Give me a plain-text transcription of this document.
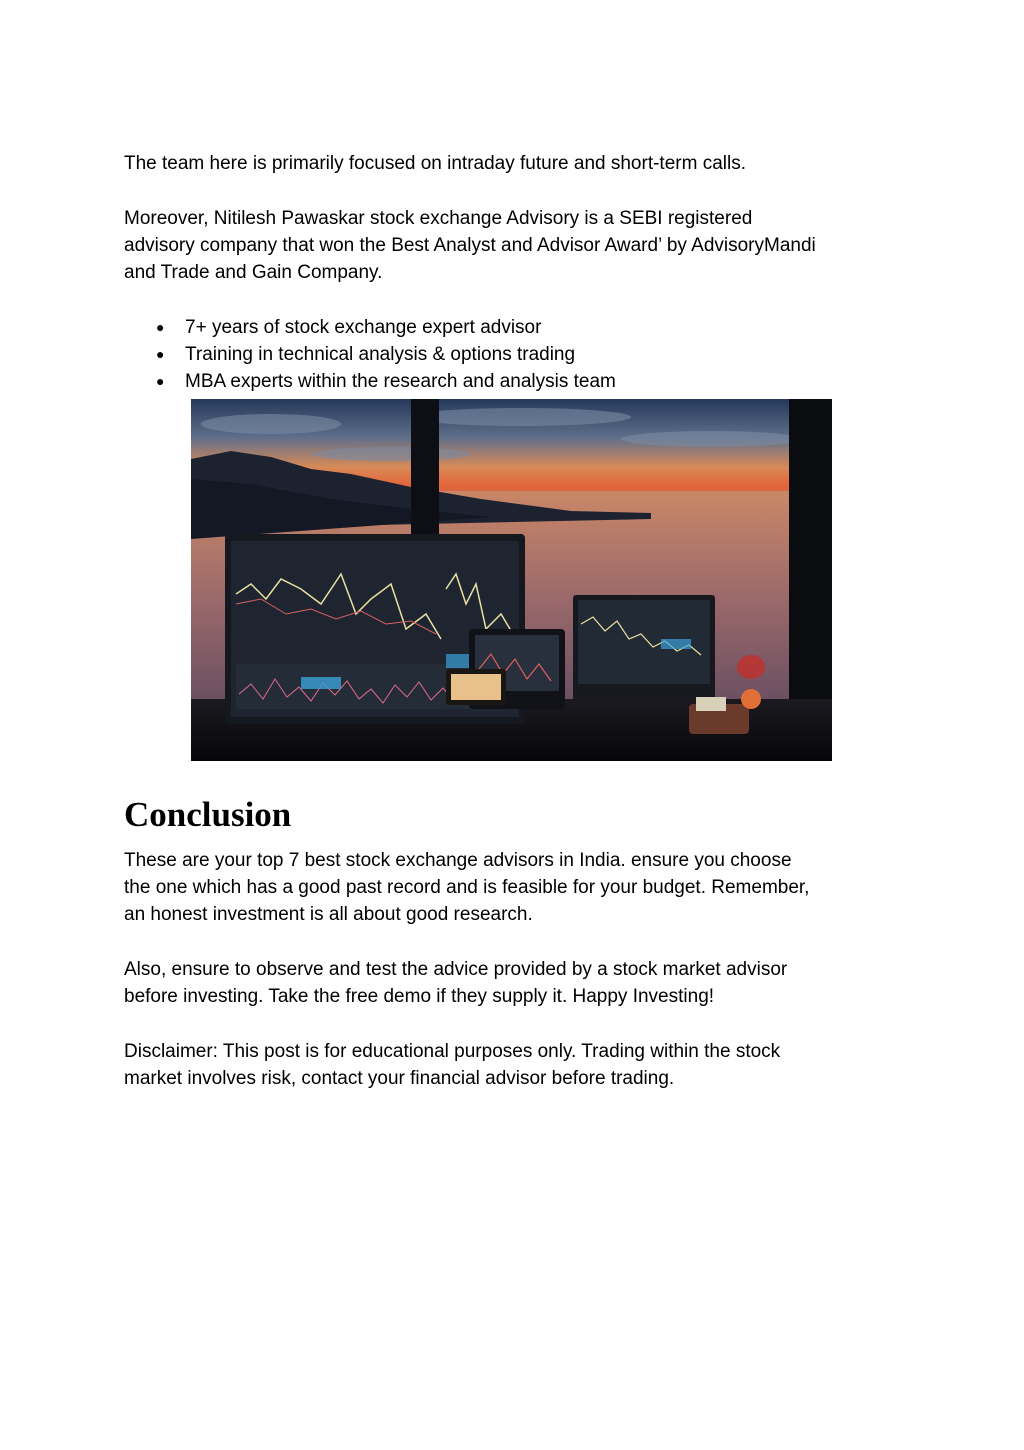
The team here is primarily focused on intraday future and short-term calls.

Moreover, Nitilesh Pawaskar stock exchange Advisory is a SEBI registered
advisory company that won the Best Analyst and Advisor Award’ by AdvisoryMandi
and Trade and Gain Company.

● 7+ years of stock exchange expert advisor
● Training in technical analysis & options trading
● MBA experts within the research and analysis team
Conclusion

These are your top 7 best stock exchange advisors in India. ensure you choose
the one which has a good past record and is feasible for your budget. Remember,
an honest investment is all about good research.

Also, ensure to observe and test the advice provided by a stock market advisor
before investing. Take the free demo if they supply it. Happy Investing!

Disclaimer: This post is for educational purposes only. Trading within the stock
market involves risk, contact your financial advisor before trading.
